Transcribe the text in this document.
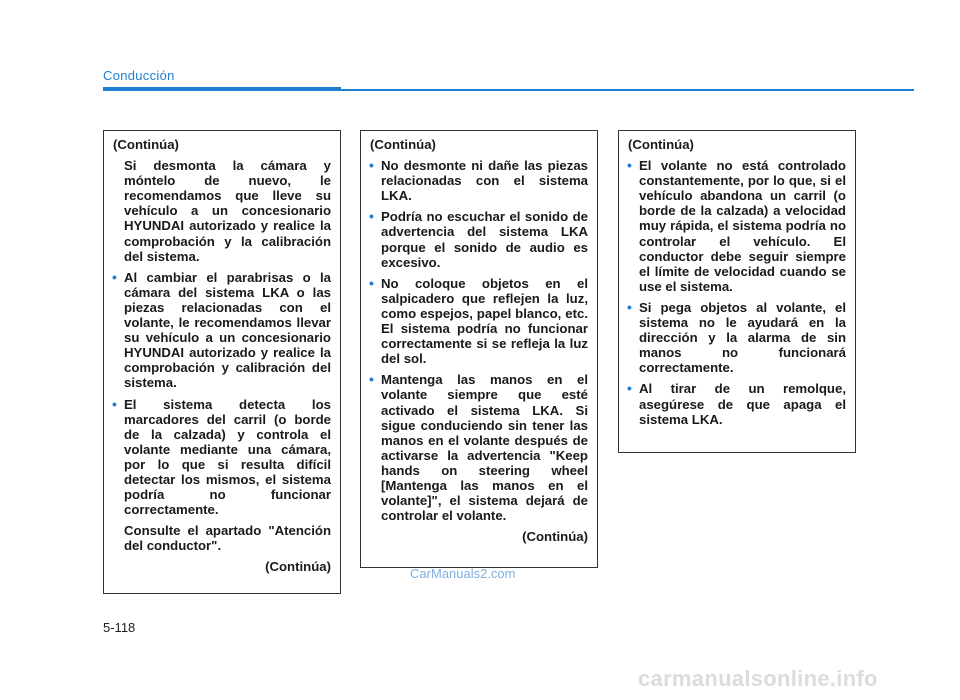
Conducción
(Continúa)

Si desmonta la cámara y móntelo de nuevo, le recomendamos que lleve su vehículo a un concesionario HYUNDAI autorizado y realice la comprobación y la calibración del sistema.

• Al cambiar el parabrisas o la cámara del sistema LKA o las piezas relacionadas con el volante, le recomendamos llevar su vehículo a un concesionario HYUNDAI autorizado y realice la comprobación y calibración del sistema.

• El sistema detecta los marcadores del carril (o borde de la calzada) y controla el volante mediante una cámara, por lo que si resulta difícil detectar los mismos, el sistema podría no funcionar correctamente.

Consulte el apartado "Atención del conductor".

(Continúa)
(Continúa)

• No desmonte ni dañe las piezas relacionadas con el sistema LKA.

• Podría no escuchar el sonido de advertencia del sistema LKA porque el sonido de audio es excesivo.

• No coloque objetos en el salpicadero que reflejen la luz, como espejos, papel blanco, etc. El sistema podría no funcionar correctamente si se refleja la luz del sol.

• Mantenga las manos en el volante siempre que esté activado el sistema LKA. Si sigue conduciendo sin tener las manos en el volante después de activarse la advertencia "Keep hands on steering wheel [Mantenga las manos en el volante]", el sistema dejará de controlar el volante.

(Continúa)
(Continúa)

• El volante no está controlado constantemente, por lo que, si el vehículo abandona un carril (o borde de la calzada) a velocidad muy rápida, el sistema podría no controlar el vehículo. El conductor debe seguir siempre el límite de velocidad cuando se use el sistema.

• Si pega objetos al volante, el sistema no le ayudará en la dirección y la alarma de sin manos no funcionará correctamente.

• Al tirar de un remolque, asegúrese de que apaga el sistema LKA.

5-118
CarManuals2.com
carmanualsonline.info
